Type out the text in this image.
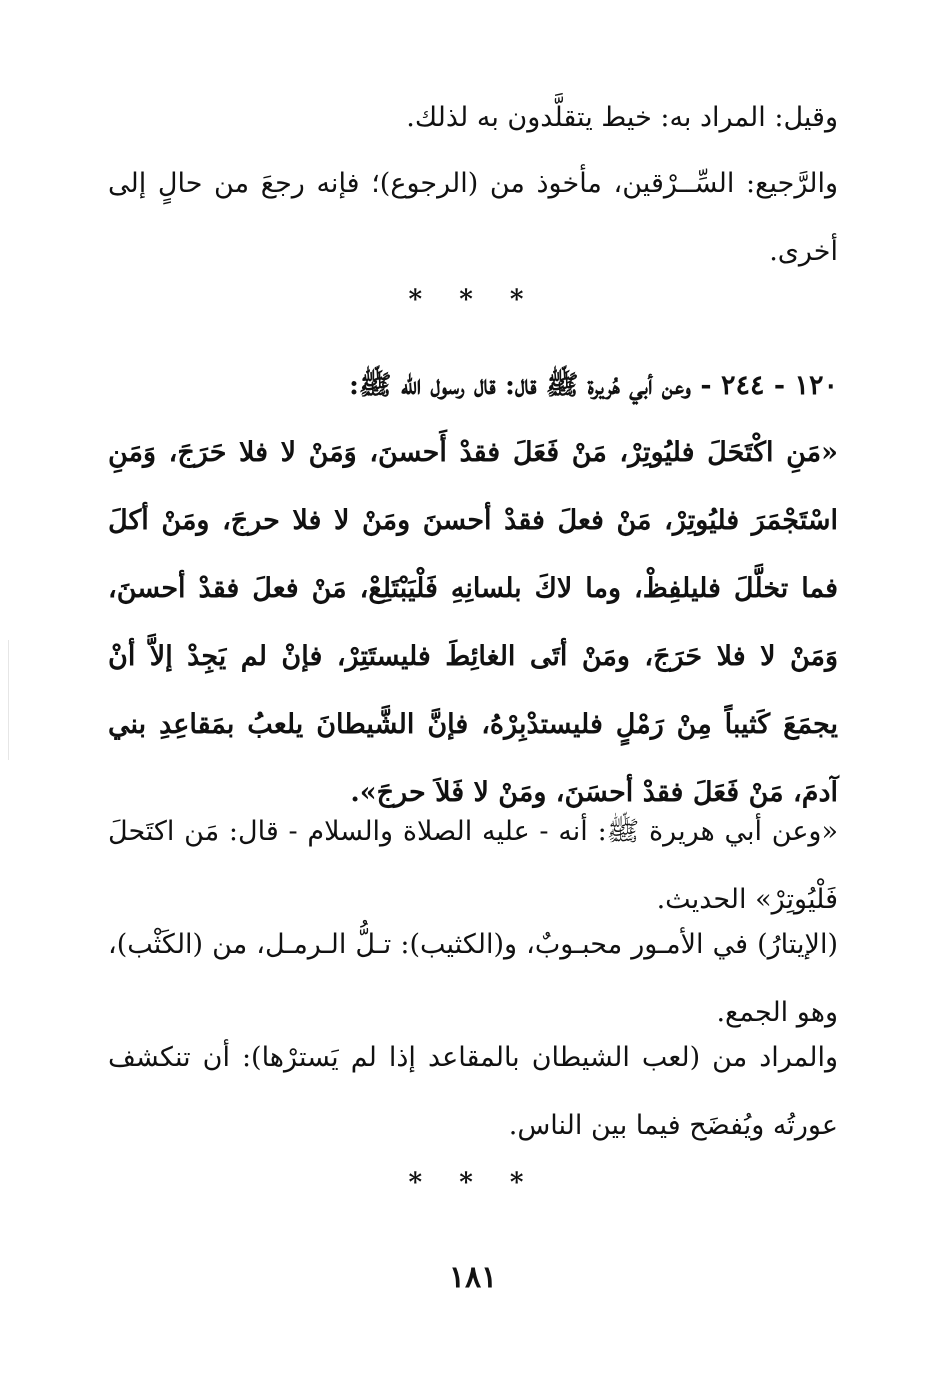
وقيل: المراد به: خيط يتقلَّدون به لذلك.

والرَّجيع: السِّــرْقين، مأخوذ من (الرجوع)؛ فإنه رجعَ من حالٍ إلى أخرى.

* * *

١٢٠ - ٢٤٤ - وعن أبي هُريرة ﷺ قال: قال رسول الله ﷺ:

«مَنِ اكْتَحَلَ فليُوتِرْ، مَنْ فَعَلَ فقدْ أَحسنَ، وَمَنْ لا فلا حَرَجَ، وَمَنِ اسْتَجْمَرَ فليُوتِرْ، مَنْ فعلَ فقدْ أحسنَ ومَنْ لا فلا حرجَ، ومَنْ أكلَ فما تخلَّلَ فليلفِظْ، وما لاكَ بلسانِهِ فَلْيَبْتَلِعْ، مَنْ فعلَ فقدْ أحسنَ، وَمَنْ لا فلا حَرَجَ، ومَنْ أتَى الغائِطَ فليستَتِرْ، فإنْ لم يَجِدْ إلاَّ أنْ يجمَعَ كَثيباً مِنْ رَمْلٍ فليستدْبِرْهُ، فإنَّ الشَّيطانَ يلعبُ بمَقاعِدِ بني آدمَ، مَنْ فَعَلَ فقدْ أحسَنَ، ومَنْ لا فَلاَ حرجَ».

«وعن أبي هريرة ﷺ: أنه - عليه الصلاة والسلام - قال: مَن اكتَحلَ فَلْيُوتِرْ» الحديث.

(الإيتارُ) في الأمـور محبـوبٌ، و(الكثيب): تـلُّ الـرمـل، من (الكَثْب)، وهو الجمع.

والمراد من (لعب الشيطان بالمقاعد إذا لم يَسترْها): أن تنكشف عورتُه ويُفضَح فيما بين الناس.

* * *
١٨١
